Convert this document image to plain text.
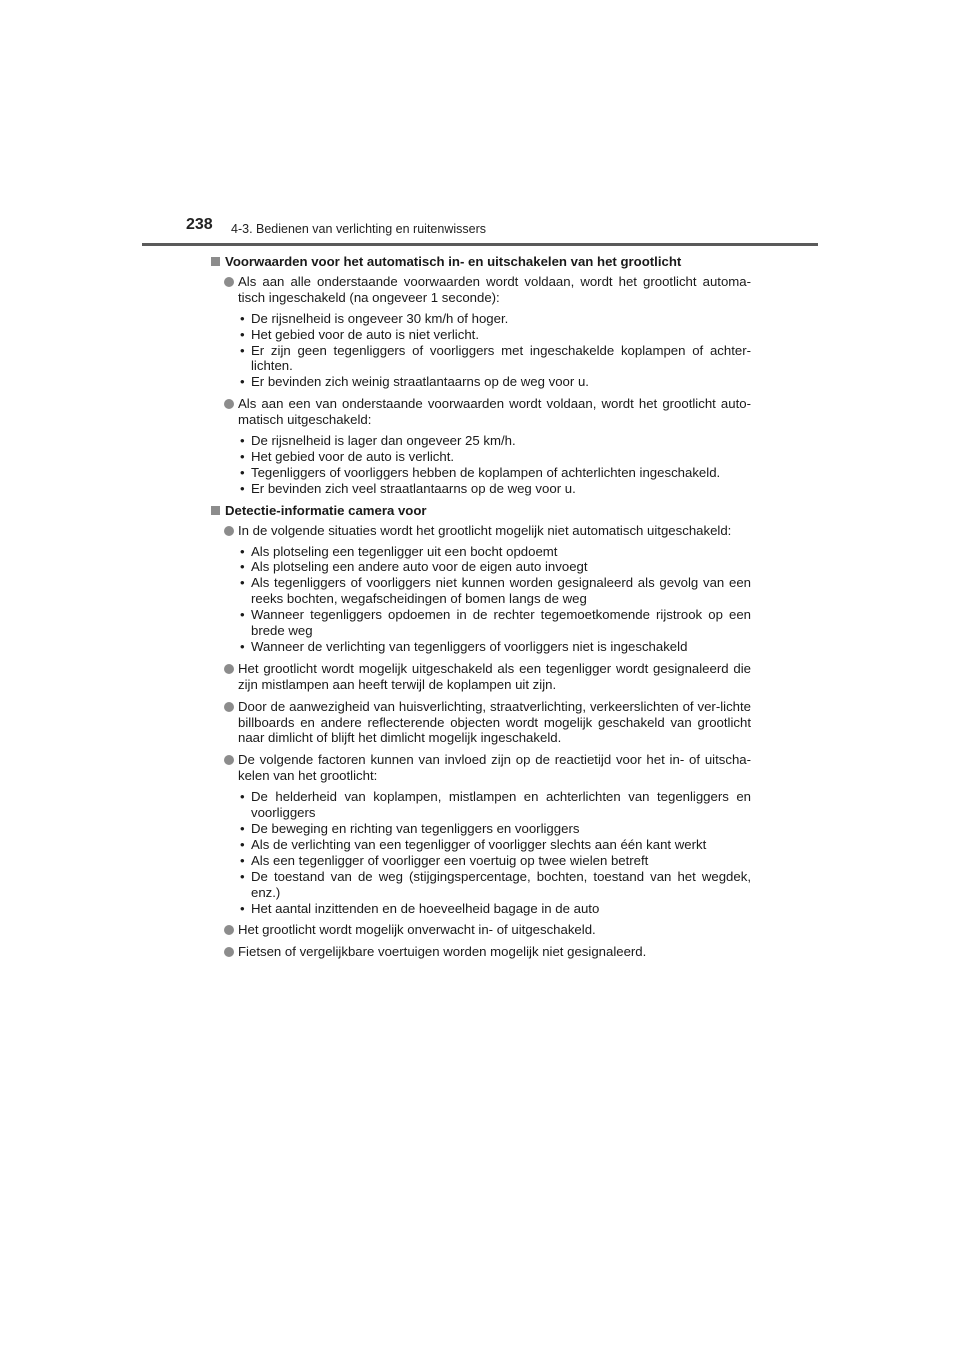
238 4-3. Bedienen van verlichting en ruitenwissers
Voorwaarden voor het automatisch in- en uitschakelen van het grootlicht
Als aan alle onderstaande voorwaarden wordt voldaan, wordt het grootlicht automa-tisch ingeschakeld (na ongeveer 1 seconde):
• De rijsnelheid is ongeveer 30 km/h of hoger.
• Het gebied voor de auto is niet verlicht.
• Er zijn geen tegenliggers of voorliggers met ingeschakelde koplampen of achter-lichten.
• Er bevinden zich weinig straatlantaarns op de weg voor u.
Als aan een van onderstaande voorwaarden wordt voldaan, wordt het grootlicht auto-matisch uitgeschakeld:
• De rijsnelheid is lager dan ongeveer 25 km/h.
• Het gebied voor de auto is verlicht.
• Tegenliggers of voorliggers hebben de koplampen of achterlichten ingeschakeld.
• Er bevinden zich veel straatlantaarns op de weg voor u.
Detectie-informatie camera voor
In de volgende situaties wordt het grootlicht mogelijk niet automatisch uitgeschakeld:
• Als plotseling een tegenligger uit een bocht opdoemt
• Als plotseling een andere auto voor de eigen auto invoegt
• Als tegenliggers of voorliggers niet kunnen worden gesignaleerd als gevolg van een reeks bochten, wegafscheidingen of bomen langs de weg
• Wanneer tegenliggers opdoemen in de rechter tegemoetkomende rijstrook op een brede weg
• Wanneer de verlichting van tegenliggers of voorliggers niet is ingeschakeld
Het grootlicht wordt mogelijk uitgeschakeld als een tegenligger wordt gesignaleerd die zijn mistlampen aan heeft terwijl de koplampen uit zijn.
Door de aanwezigheid van huisverlichting, straatverlichting, verkeerslichten of ver-lichte billboards en andere reflecterende objecten wordt mogelijk geschakeld van grootlicht naar dimlicht of blijft het dimlicht mogelijk ingeschakeld.
De volgende factoren kunnen van invloed zijn op de reactietijd voor het in- of uitscha-kelen van het grootlicht:
• De helderheid van koplampen, mistlampen en achterlichten van tegenliggers en voorliggers
• De beweging en richting van tegenliggers en voorliggers
• Als de verlichting van een tegenligger of voorligger slechts aan één kant werkt
• Als een tegenligger of voorligger een voertuig op twee wielen betreft
• De toestand van de weg (stijgingspercentage, bochten, toestand van het wegdek, enz.)
• Het aantal inzittenden en de hoeveelheid bagage in de auto
Het grootlicht wordt mogelijk onverwacht in- of uitgeschakeld.
Fietsen of vergelijkbare voertuigen worden mogelijk niet gesignaleerd.
